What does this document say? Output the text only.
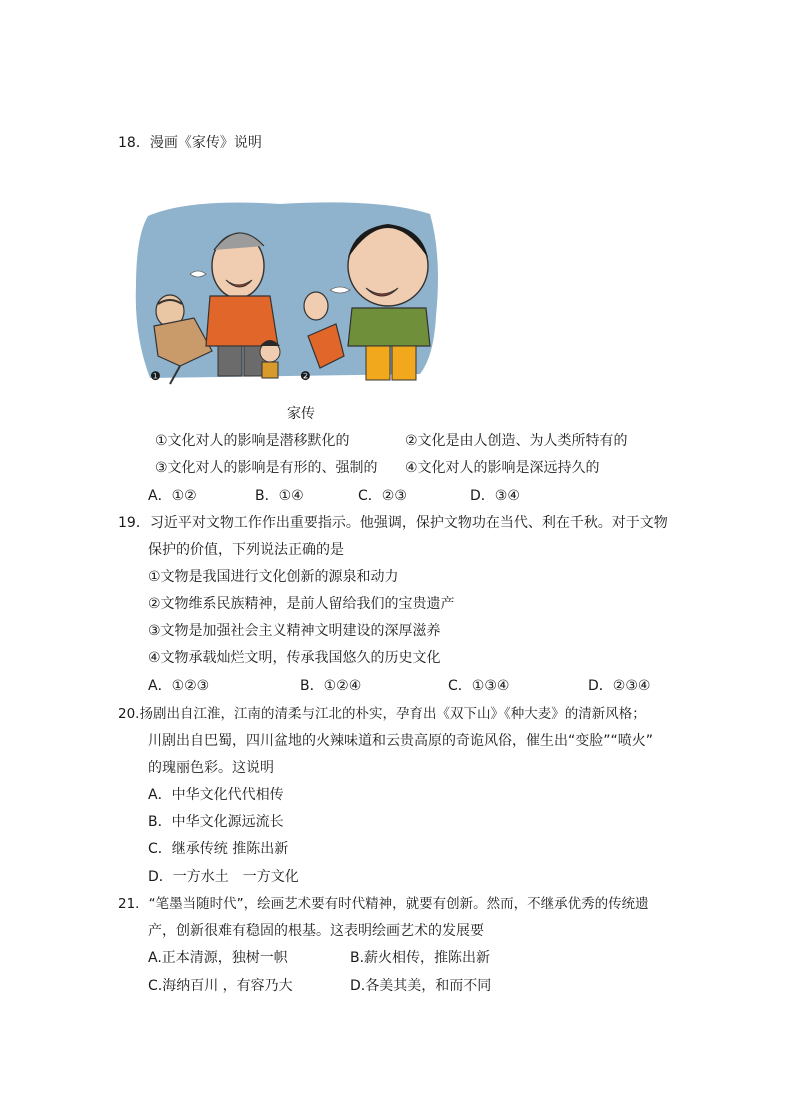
18．漫画《家传》说明
❶	❷
家传
①文化对人的影响是潜移默化的	②文化是由人创造、为人类所特有的
③文化对人的影响是有形的、强制的 ④文化对人的影响是深远持久的
A．①②	B．①④	C．②③	D．③④
19．习近平对文物工作作出重要指示。他强调，保护文物功在当代、利在千秋。对于文物
保护的价值，下列说法正确的是
①文物是我国进行文化创新的源泉和动力
②文物维系民族精神，是前人留给我们的宝贵遗产
③文物是加强社会主义精神文明建设的深厚滋养
④文物承载灿烂文明，传承我国悠久的历史文化
A．①②③	B．①②④	C．①③④	D．②③④
20.扬剧出自江淮，江南的清柔与江北的朴实，孕育出《双下山》《种大麦》的清新风格；
川剧出自巴蜀，四川盆地的火辣味道和云贵高原的奇诡风俗，催生出“变脸”“喷火”
的瑰丽色彩。这说明
A．中华文化代代相传
B．中华文化源远流长
C．继承传统 推陈出新
D．一方水土　一方文化
21．“笔墨当随时代”，绘画艺术要有时代精神，就要有创新。然而，不继承优秀的传统遗
产，创新很难有稳固的根基。这表明绘画艺术的发展要
A.正本清源，独树一帜	B.薪火相传，推陈出新
C.海纳百川 ，有容乃大	D.各美其美，和而不同
